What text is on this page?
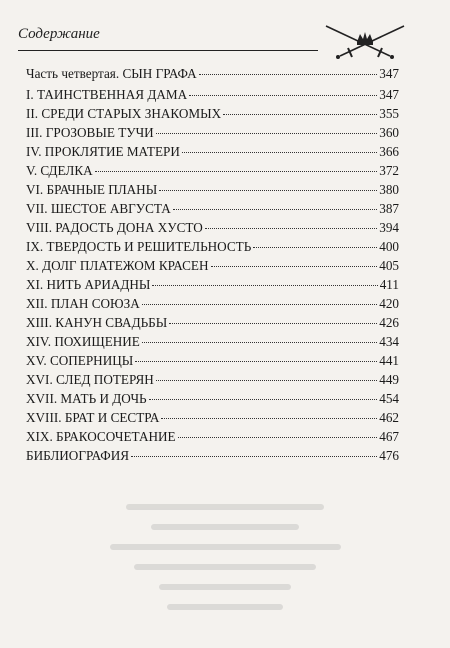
Содержание
Часть четвертая. СЫН ГРАФА	347
I. ТАИНСТВЕННАЯ ДАМА	347
II. СРЕДИ СТАРЫХ ЗНАКОМЫХ	355
III. ГРОЗОВЫЕ ТУЧИ	360
IV. ПРОКЛЯТИЕ МАТЕРИ	366
V. СДЕЛКА	372
VI. БРАЧНЫЕ ПЛАНЫ	380
VII. ШЕСТОЕ АВГУСТА	387
VIII. РАДОСТЬ ДОНА ХУСТО	394
IX. ТВЕРДОСТЬ И РЕШИТЕЛЬНОСТЬ	400
X. ДОЛГ ПЛАТЕЖОМ КРАСЕН	405
XI. НИТЬ АРИАДНЫ	411
XII. ПЛАН СОЮЗА	420
XIII. КАНУН СВАДЬБЫ	426
XIV. ПОХИЩЕНИЕ	434
XV. СОПЕРНИЦЫ	441
XVI. СЛЕД ПОТЕРЯН	449
XVII. МАТЬ И ДОЧЬ	454
XVIII. БРАТ И СЕСТРА	462
XIX. БРАКОСОЧЕТАНИЕ	467
БИБЛИОГРАФИЯ	476
